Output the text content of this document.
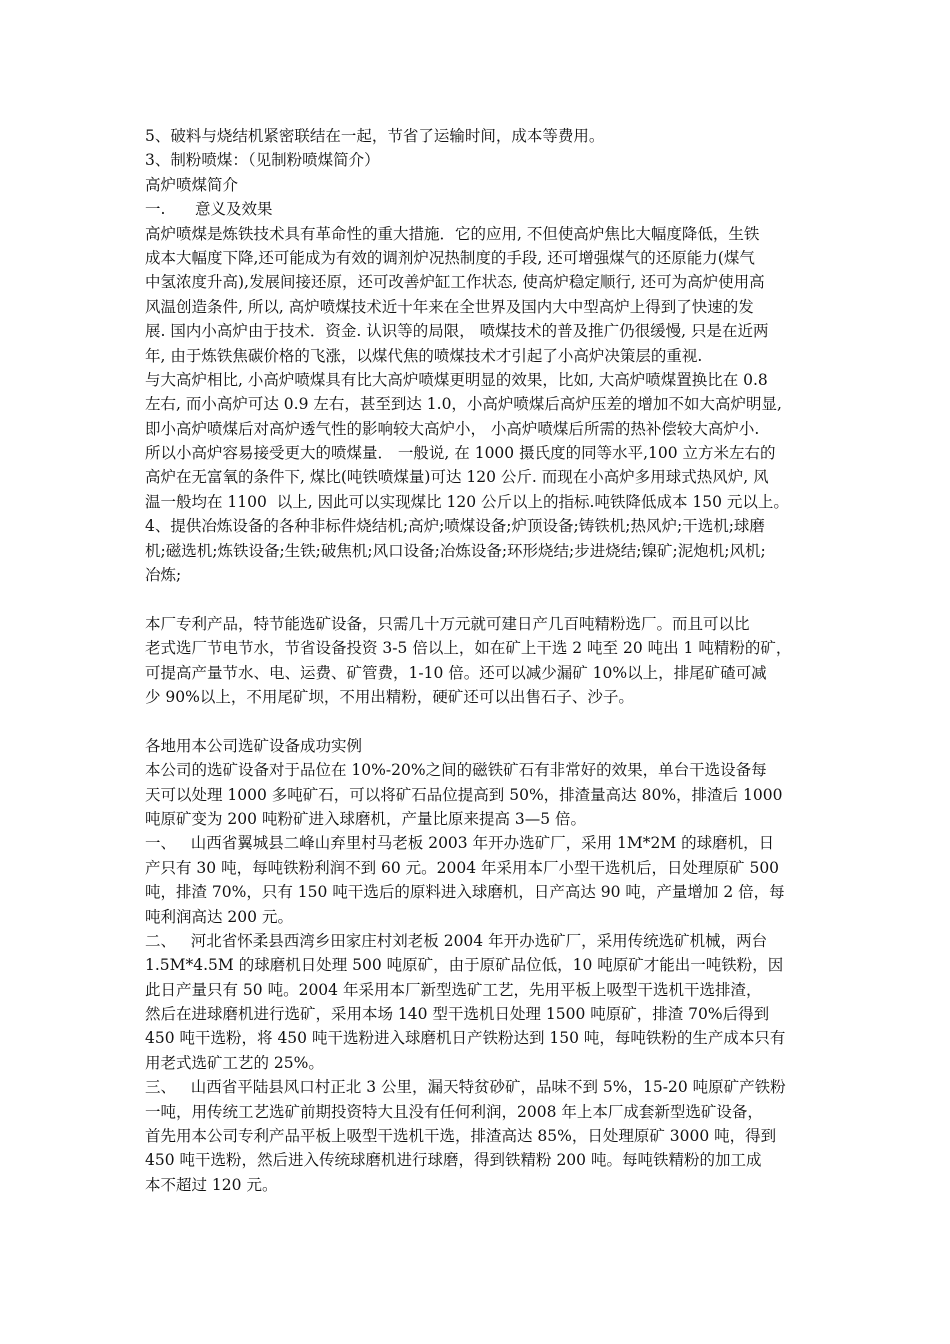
5、破料与烧结机紧密联结在一起，节省了运输时间，成本等费用。
3、制粉喷煤：（见制粉喷煤简介）
高炉喷煤简介
一.      意义及效果
高炉喷煤是炼铁技术具有革命性的重大措施．它的应用, 不但使高炉焦比大幅度降低，生铁
成本大幅度下降,还可能成为有效的调剂炉况热制度的手段, 还可增强煤气的还原能力(煤气
中氢浓度升高),发展间接还原，还可改善炉缸工作状态, 使高炉稳定顺行, 还可为高炉使用高
风温创造条件, 所以, 高炉喷煤技术近十年来在全世界及国内大中型高炉上得到了快速的发
展. 国内小高炉由于技术．资金. 认识等的局限， 喷煤技术的普及推广仍很缓慢, 只是在近两
年, 由于炼铁焦碳价格的飞涨，以煤代焦的喷煤技术才引起了小高炉决策层的重视.
与大高炉相比, 小高炉喷煤具有比大高炉喷煤更明显的效果，比如, 大高炉喷煤置换比在 0.8
左右, 而小高炉可达 0.9 左右，甚至到达 1.0，小高炉喷煤后高炉压差的增加不如大高炉明显,
即小高炉喷煤后对高炉透气性的影响较大高炉小， 小高炉喷煤后所需的热补偿较大高炉小.
所以小高炉容易接受更大的喷煤量． 一般说, 在 1000 摄氏度的同等水平,100 立方米左右的
高炉在无富氧的条件下, 煤比(吨铁喷煤量)可达 120 公斤. 而现在小高炉多用球式热风炉, 风
温一般均在 1100  以上, 因此可以实现煤比 120 公斤以上的指标.吨铁降低成本 150 元以上。
4、提供冶炼设备的各种非标件烧结机;高炉;喷煤设备;炉顶设备;铸铁机;热风炉;干选机;球磨
机;磁选机;炼铁设备;生铁;破焦机;风口设备;冶炼设备;环形烧结;步进烧结;镍矿;泥炮机;风机;
冶炼;
本厂专利产品，特节能选矿设备，只需几十万元就可建日产几百吨精粉选厂。而且可以比
老式选厂节电节水，节省设备投资 3-5 倍以上，如在矿上干选 2 吨至 20 吨出 1 吨精粉的矿，
可提高产量节水、电、运费、矿管费，1-10 倍。还可以减少漏矿 10%以上，排尾矿碴可减
少 90%以上，不用尾矿坝，不用出精粉，硬矿还可以出售石子、沙子。
各地用本公司选矿设备成功实例
本公司的选矿设备对于品位在 10%-20%之间的磁铁矿石有非常好的效果，单台干选设备每
天可以处理 1000 多吨矿石，可以将矿石品位提高到 50%，排渣量高达 80%，排渣后 1000
吨原矿变为 200 吨粉矿进入球磨机，产量比原来提高 3—5 倍。
一、   山西省翼城县二峰山弃里村马老板 2003 年开办选矿厂，采用 1M*2M 的球磨机，日
产只有 30 吨，每吨铁粉利润不到 60 元。2004 年采用本厂小型干选机后，日处理原矿 500
吨，排渣 70%，只有 150 吨干选后的原料进入球磨机，日产高达 90 吨，产量增加 2 倍，每
吨利润高达 200 元。
二、   河北省怀柔县西湾乡田家庄村刘老板 2004 年开办选矿厂，采用传统选矿机械，两台
1.5M*4.5M 的球磨机日处理 500 吨原矿，由于原矿品位低，10 吨原矿才能出一吨铁粉，因
此日产量只有 50 吨。2004 年采用本厂新型选矿工艺，先用平板上吸型干选机干选排渣，
然后在进球磨机进行选矿，采用本场 140 型干选机日处理 1500 吨原矿，排渣 70%后得到
450 吨干选粉，将 450 吨干选粉进入球磨机日产铁粉达到 150 吨，每吨铁粉的生产成本只有
用老式选矿工艺的 25%。
三、   山西省平陆县风口村正北 3 公里，漏天特贫砂矿，品味不到 5%，15-20 吨原矿产铁粉
一吨，用传统工艺选矿前期投资特大且没有任何利润，2008 年上本厂成套新型选矿设备，
首先用本公司专利产品平板上吸型干选机干选，排渣高达 85%，日处理原矿 3000 吨，得到
450 吨干选粉，然后进入传统球磨机进行球磨，得到铁精粉 200 吨。每吨铁精粉的加工成
本不超过 120 元。
